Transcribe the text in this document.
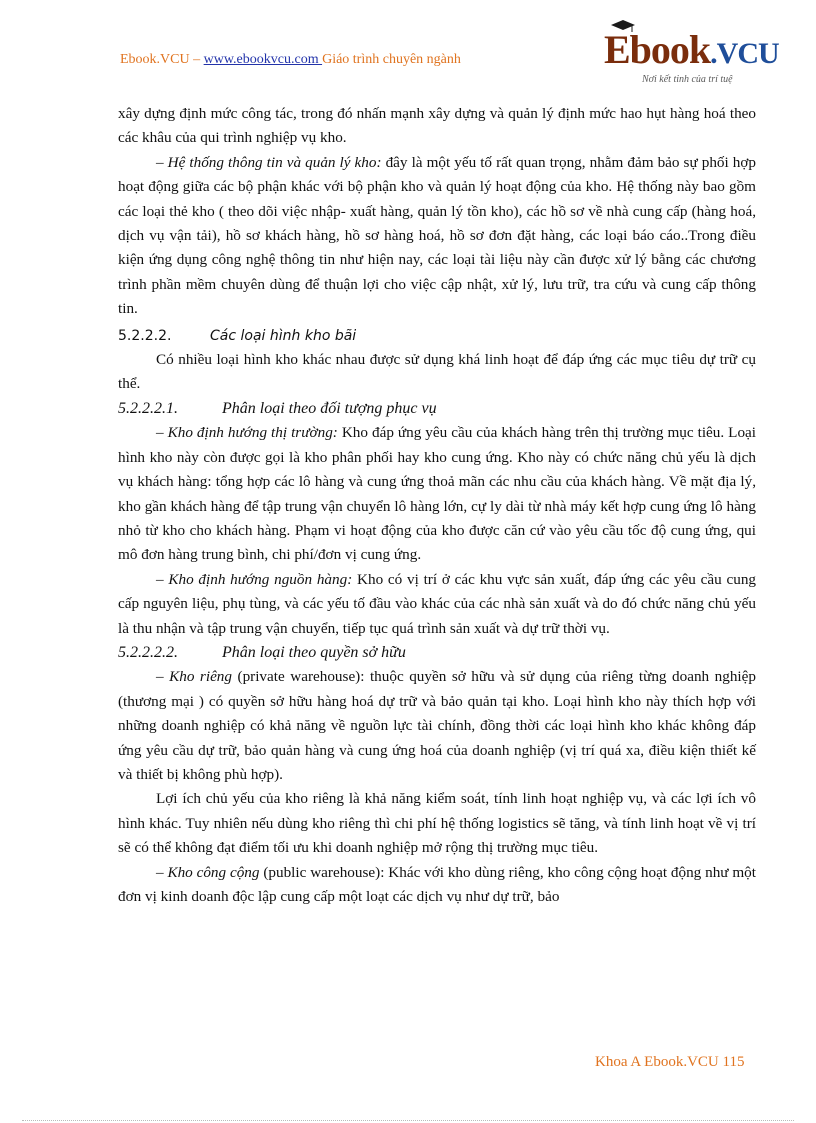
Ebook.VCU – www.ebookvcu.com Giáo trình chuyên ngành	Ebook.VCU
Nơi kết tinh của trí tuệ

xây dựng định mức công tác, trong đó nhấn mạnh xây dựng và quản lý định mức hao hụt hàng hoá theo các khâu của qui trình nghiệp vụ kho.

– Hệ thống thông tin và quản lý kho: đây là một yếu tố rất quan trọng, nhằm đảm bảo sự phối hợp hoạt động giữa các bộ phận khác với bộ phận kho và quản lý hoạt động của kho. Hệ thống này bao gồm các loại thẻ kho ( theo dõi việc nhập- xuất hàng, quản lý tồn kho), các hồ sơ về nhà cung cấp (hàng hoá, dịch vụ vận tải), hồ sơ khách hàng, hồ sơ hàng hoá, hồ sơ đơn đặt hàng, các loại báo cáo..Trong điều kiện ứng dụng công nghệ thông tin như hiện nay, các loại tài liệu này cần được xử lý bằng các chương trình phần mềm chuyên dùng để thuận lợi cho việc cập nhật, xử lý, lưu trữ, tra cứu và cung cấp thông tin.

5.2.2.2.	Các loại hình kho bãi

Có nhiều loại hình kho khác nhau được sử dụng khá linh hoạt để đáp ứng các mục tiêu dự trữ cụ thể.

5.2.2.2.1.	Phân loại theo đối tượng phục vụ

– Kho định hướng thị trường: Kho đáp ứng yêu cầu của khách hàng trên thị trường mục tiêu. Loại hình kho này còn được gọi là kho phân phối hay kho cung ứng. Kho này có chức năng chủ yếu là dịch vụ khách hàng: tổng hợp các lô hàng và cung ứng thoả mãn các nhu cầu của khách hàng. Về mặt địa lý, kho gần khách hàng để tập trung vận chuyển lô hàng lớn, cự ly dài từ nhà máy kết hợp cung ứng lô hàng nhỏ từ kho cho khách hàng. Phạm vi hoạt động của kho được căn cứ vào yêu cầu tốc độ cung ứng, qui mô đơn hàng trung bình, chi phí/đơn vị cung ứng.

– Kho định hướng nguồn hàng: Kho có vị trí ở các khu vực sản xuất, đáp ứng các yêu cầu cung cấp nguyên liệu, phụ tùng, và các yếu tố đầu vào khác của các nhà sản xuất và do đó chức năng chủ yếu là thu nhận và tập trung vận chuyển, tiếp tục quá trình sản xuất và dự trữ thời vụ.

5.2.2.2.2.	Phân loại theo quyền sở hữu

– Kho riêng (private warehouse): thuộc quyền sở hữu và sử dụng của riêng từng doanh nghiệp (thương mại ) có quyền sở hữu hàng hoá dự trữ và bảo quản tại kho. Loại hình kho này thích hợp với những doanh nghiệp có khả năng về nguồn lực tài chính, đồng thời các loại hình kho khác không đáp ứng yêu cầu dự trữ, bảo quản hàng và cung ứng hoá của doanh nghiệp (vị trí quá xa, điều kiện thiết kế và thiết bị không phù hợp).

Lợi ích chủ yếu của kho riêng là khả năng kiểm soát, tính linh hoạt nghiệp vụ, và các lợi ích vô hình khác. Tuy nhiên nếu dùng kho riêng thì chi phí hệ thống logistics sẽ tăng, và tính linh hoạt về vị trí sẽ có thể không đạt điểm tối ưu khi doanh nghiệp mở rộng thị trường mục tiêu.

– Kho công cộng (public warehouse): Khác với kho dùng riêng, kho công cộng hoạt động như một đơn vị kinh doanh độc lập cung cấp một loạt các dịch vụ như dự trữ, bảo

Khoa A Ebook.VCU 115
